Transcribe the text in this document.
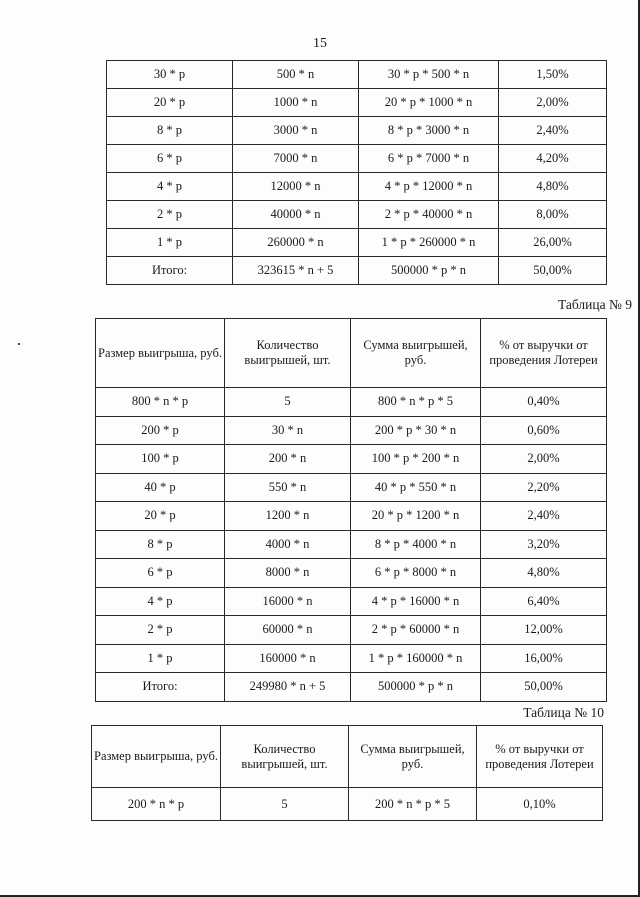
15
30 * p	500 * n	30 * p * 500 * n	1,50%
20 * p	1000 * n	20 * p * 1000 * n	2,00%
8 * p	3000 * n	8 * p * 3000 * n	2,40%
6 * p	7000 * n	6 * p * 7000 * n	4,20%
4 * p	12000 * n	4 * p * 12000 * n	4,80%
2 * p	40000 * n	2 * p * 40000 * n	8,00%
1 * p	260000 * n	1 * p * 260000 * n	26,00%
Итого:	323615 * n + 5	500000 * p * n	50,00%
Таблица № 9
Размер выигрыша, руб.	Количество выигрышей, шт.	Сумма выигрышей, руб.	% от выручки от проведения Лотереи
800 * n * p	5	800 * n * p * 5	0,40%
200 * p	30 * n	200 * p * 30 * n	0,60%
100 * p	200 * n	100 * p * 200 * n	2,00%
40 * p	550 * n	40 * p * 550 * n	2,20%
20 * p	1200 * n	20 * p * 1200 * n	2,40%
8 * p	4000 * n	8 * p * 4000 * n	3,20%
6 * p	8000 * n	6 * p * 8000 * n	4,80%
4 * p	16000 * n	4 * p * 16000 * n	6,40%
2 * p	60000 * n	2 * p * 60000 * n	12,00%
1 * p	160000 * n	1 * p * 160000 * n	16,00%
Итого:	249980 * n + 5	500000 * p * n	50,00%
Таблица № 10
Размер выигрыша, руб.	Количество выигрышей, шт.	Сумма выигрышей, руб.	% от выручки от проведения Лотереи
200 * n * p	5	200 * n * p * 5	0,10%
